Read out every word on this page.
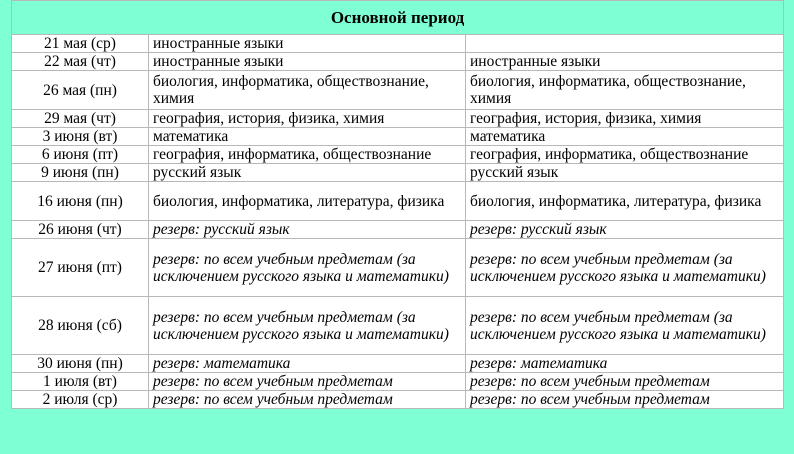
Основной период		
21 мая (ср)	иностранные языки	
22 мая (чт)	иностранные языки	иностранные языки
26 мая (пн)	биология, информатика, обществознание, химия	биология, информатика, обществознание, химия
29 мая (чт)	география, история, физика, химия	география, история, физика, химия
3 июня (вт)	математика	математика
6 июня (пт)	география, информатика, обществознание	география, информатика, обществознание
9 июня (пн)	русский язык	русский язык
16 июня (пн)	биология, информатика, литература, физика	биология, информатика, литература, физика
26 июня (чт)	резерв: русский язык	резерв: русский язык
27 июня (пт)	резерв: по всем учебным предметам (за исключением русского языка и математики)	резерв: по всем учебным предметам (за исключением русского языка и математики)
28 июня (сб)	резерв: по всем учебным предметам (за исключением русского языка и математики)	резерв: по всем учебным предметам (за исключением русского языка и математики)
30 июня (пн)	резерв: математика	резерв: математика
1 июля (вт)	резерв: по всем учебным предметам	резерв: по всем учебным предметам
2 июля (ср)	резерв: по всем учебным предметам	резерв: по всем учебным предметам
